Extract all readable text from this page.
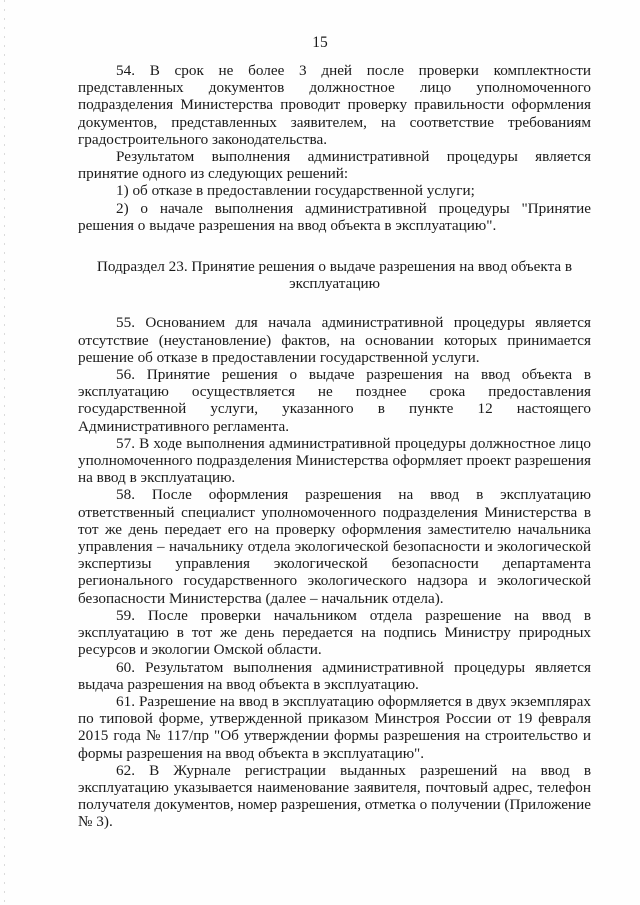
15

54. В срок не более 3 дней после проверки комплектности представленных документов должностное лицо уполномоченного подразделения Министерства проводит проверку правильности оформления документов, представленных заявителем, на соответствие требованиям градостроительного законодательства.

Результатом выполнения административной процедуры является принятие одного из следующих решений:

1) об отказе в предоставлении государственной услуги;

2) о начале выполнения административной процедуры "Принятие решения о выдаче разрешения на ввод объекта в эксплуатацию".

Подраздел 23. Принятие решения о выдаче разрешения на ввод объекта в эксплуатацию

55. Основанием для начала административной процедуры является отсутствие (неустановление) фактов, на основании которых принимается решение об отказе в предоставлении государственной услуги.

56. Принятие решения о выдаче разрешения на ввод объекта в эксплуатацию осуществляется не позднее срока предоставления государственной услуги, указанного в пункте 12 настоящего Административного регламента.

57. В ходе выполнения административной процедуры должностное лицо уполномоченного подразделения Министерства оформляет проект разрешения на ввод в эксплуатацию.

58. После оформления разрешения на ввод в эксплуатацию ответственный специалист уполномоченного подразделения Министерства в тот же день передает его на проверку оформления заместителю начальника управления – начальнику отдела экологической безопасности и экологической экспертизы управления экологической безопасности департамента регионального государственного экологического надзора и экологической безопасности Министерства (далее – начальник отдела).

59. После проверки начальником отдела разрешение на ввод в эксплуатацию в тот же день передается на подпись Министру природных ресурсов и экологии Омской области.

60. Результатом выполнения административной процедуры является выдача разрешения на ввод объекта в эксплуатацию.

61. Разрешение на ввод в эксплуатацию оформляется в двух экземплярах по типовой форме, утвержденной приказом Минстроя России от 19 февраля 2015 года № 117/пр "Об утверждении формы разрешения на строительство и формы разрешения на ввод объекта в эксплуатацию".

62. В Журнале регистрации выданных разрешений на ввод в эксплуатацию указывается наименование заявителя, почтовый адрес, телефон получателя документов, номер разрешения, отметка о получении (Приложение № 3).
